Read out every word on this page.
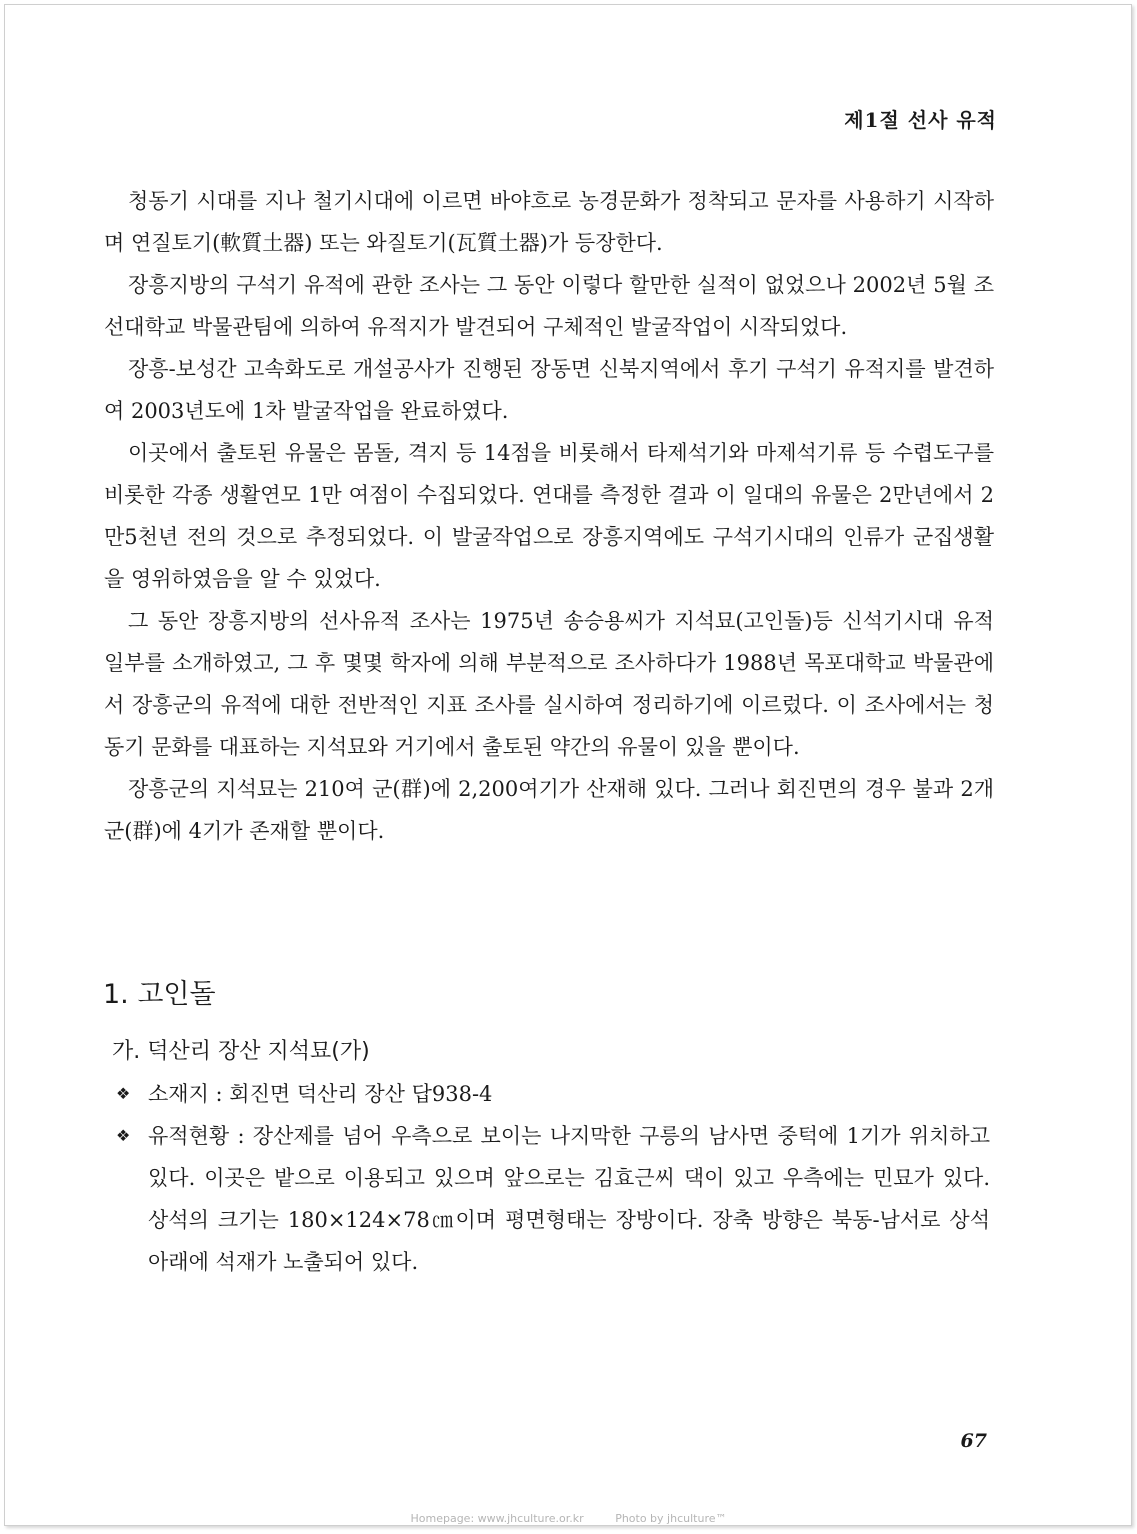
제1절 선사 유적

청동기 시대를 지나 철기시대에 이르면 바야흐로 농경문화가 정착되고 문자를 사용하기 시작하며 연질토기(軟質土器) 또는 와질토기(瓦質土器)가 등장한다.

장흥지방의 구석기 유적에 관한 조사는 그 동안 이렇다 할만한 실적이 없었으나 2002년 5월 조선대학교 박물관팀에 의하여 유적지가 발견되어 구체적인 발굴작업이 시작되었다.

장흥-보성간 고속화도로 개설공사가 진행된 장동면 신북지역에서 후기 구석기 유적지를 발견하여 2003년도에 1차 발굴작업을 완료하였다.

이곳에서 출토된 유물은 몸돌, 격지 등 14점을 비롯해서 타제석기와 마제석기류 등 수렵도구를 비롯한 각종 생활연모 1만 여점이 수집되었다. 연대를 측정한 결과 이 일대의 유물은 2만년에서 2만5천년 전의 것으로 추정되었다. 이 발굴작업으로 장흥지역에도 구석기시대의 인류가 군집생활을 영위하였음을 알 수 있었다.

그 동안 장흥지방의 선사유적 조사는 1975년 송승용씨가 지석묘(고인돌)등 신석기시대 유적 일부를 소개하였고, 그 후 몇몇 학자에 의해 부분적으로 조사하다가 1988년 목포대학교 박물관에서 장흥군의 유적에 대한 전반적인 지표 조사를 실시하여 정리하기에 이르렀다. 이 조사에서는 청동기 문화를 대표하는 지석묘와 거기에서 출토된 약간의 유물이 있을 뿐이다.

장흥군의 지석묘는 210여 군(群)에 2,200여기가 산재해 있다. 그러나 회진면의 경우 불과 2개 군(群)에 4기가 존재할 뿐이다.

1. 고인돌
가. 덕산리 장산 지석묘(가)
❖ 소재지 : 회진면 덕산리 장산 답938-4
❖ 유적현황 : 장산제를 넘어 우측으로 보이는 나지막한 구릉의 남사면 중턱에 1기가 위치하고 있다. 이곳은 밭으로 이용되고 있으며 앞으로는 김효근씨 댁이 있고 우측에는 민묘가 있다. 상석의 크기는 180×124×78㎝이며 평면형태는 장방이다. 장축 방향은 북동-남서로 상석 아래에 석재가 노출되어 있다.
67
Homepage: www.jhculture.or.kr	Photo by jhculture™
